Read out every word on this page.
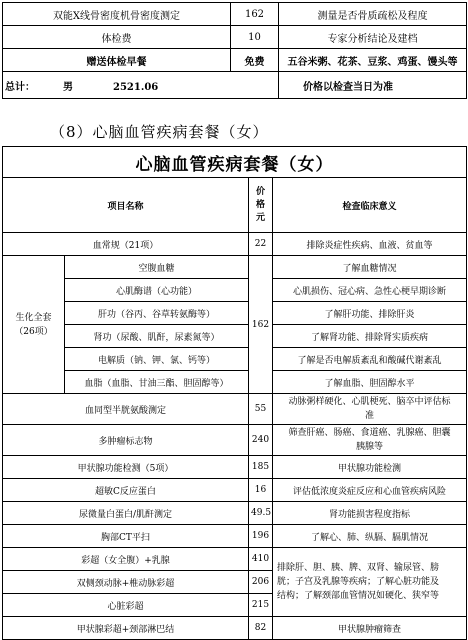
双能X线骨密度机骨密度测定	162	测量是否骨质疏松及程度
体检费	10	专家分析结论及建档
赠送体检早餐	免费	五谷米粥、花茶、豆浆、鸡蛋、馒头等
总计： 男 2521.06		价格以检查当日为准
（8）心脑血管疾病套餐（女）
心脑血管疾病套餐（女）			
项目名称		价
格
元	检查临床意义
血常规（21项）		22	排除炎症性疾病、血液、贫血等
生化全套
（26项）	空腹血糖	162	了解血糖情况
	心肌酶谱（心功能）		心肌损伤、冠心病、急性心梗早期诊断
	肝功（谷丙、谷草转氨酶等）		了解肝功能、排除肝炎
	肾功（尿酸、肌酐，尿素氮等）		了解肾功能、排除肾实质疾病
	电解质（钠、钾、氯、钙等）		了解是否电解质紊乱和酸碱代谢紊乱
	血脂（血脂、甘油三酯、胆固醇等）		了解血脂、胆固醇水平
血同型半胱氨酸测定		55	动脉粥样硬化、心肌梗死、脑卒中评估标
准
多肿瘤标志物		240	筛查肝癌、肠癌、食道癌、乳腺癌、胆囊
胰腺等
甲状腺功能检测（5项）		185	甲状腺功能检测
超敏C反应蛋白		16	评估低浓度炎症反应和心血管疾病风险
尿微量白蛋白/肌酐测定		49.5	肾功能损害程度指标
胸部CT平扫		196	了解心、肺、纵膈、膈肌情况
彩超（女全腹）+乳腺		410	排除肝、胆、胰、脾、双肾、输尿管、膀
胱；子宫及乳腺等疾病；了解心脏功能及
结构；了解颈部血管情况如硬化、狭窄等
双侧颈动脉+椎动脉彩超		206	
心脏彩超		215	
甲状腺彩超+颈部淋巴结		82	甲状腺肿瘤筛查
